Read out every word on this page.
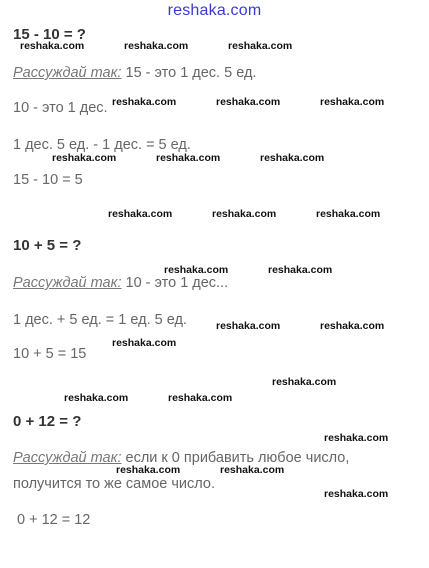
reshaka.com
15 - 10 = ?
Рассуждай так: 15 - это 1 дес. 5 ед.
10 - это 1 дес.
1 дес. 5 ед. - 1 дес. = 5 ед.
15 - 10 = 5
10 + 5 = ?
Рассуждай так: 10 - это 1 дес...
1 дес. + 5 ед. = 1 ед. 5 ед.
10 + 5 = 15
0 + 12 = ?
Рассуждай так: если к 0 прибавить любое число,
получится то же самое число.
0 + 12 = 12
reshaka.com	reshaka.com	reshaka.com
reshaka.com	reshaka.com	reshaka.com
reshaka.com	reshaka.com	reshaka.com
reshaka.com	reshaka.com	reshaka.com
reshaka.com	reshaka.com
reshaka.com	reshaka.com
reshaka.com
reshaka.com
reshaka.com	reshaka.com
reshaka.com
reshaka.com	reshaka.com
reshaka.com
